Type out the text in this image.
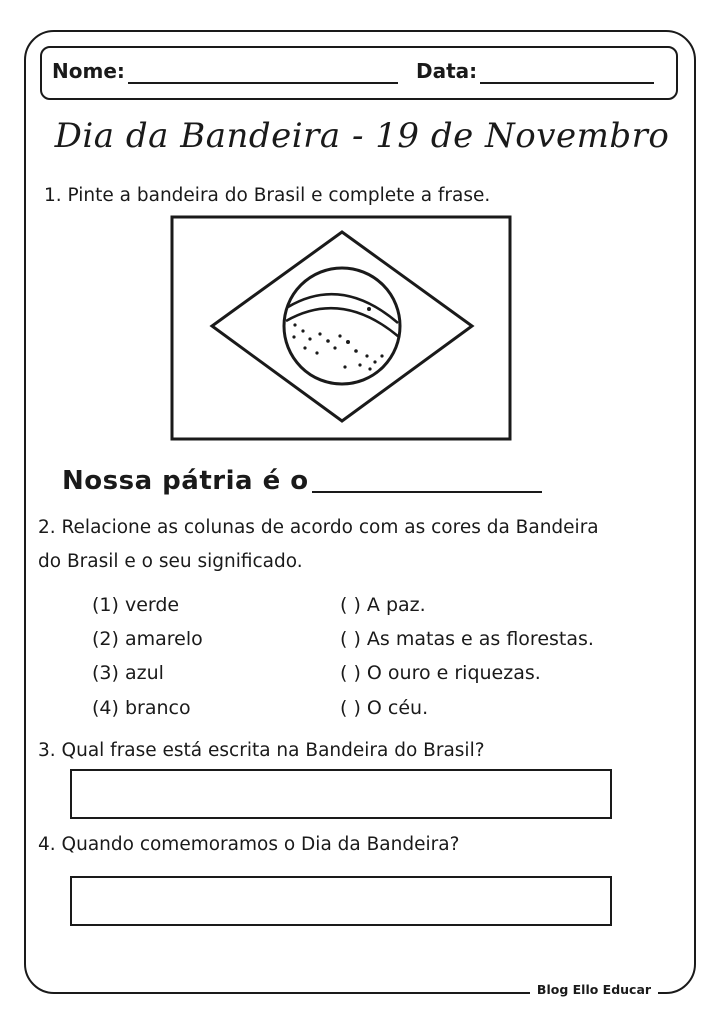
Nome:	Data:
Dia da Bandeira - 19 de Novembro
1. Pinte a bandeira do Brasil e complete a frase.
Nossa pátria é o
2. Relacione as colunas de acordo com as cores da Bandeira
do Brasil e o seu significado.
(1) verde
(2) amarelo
(3) azul
(4) branco
( ) A paz.
( ) As matas e as florestas.
( ) O ouro e riquezas.
( ) O céu.
3. Qual frase está escrita na Bandeira do Brasil?
4. Quando comemoramos o Dia da Bandeira?
Blog Ello Educar
